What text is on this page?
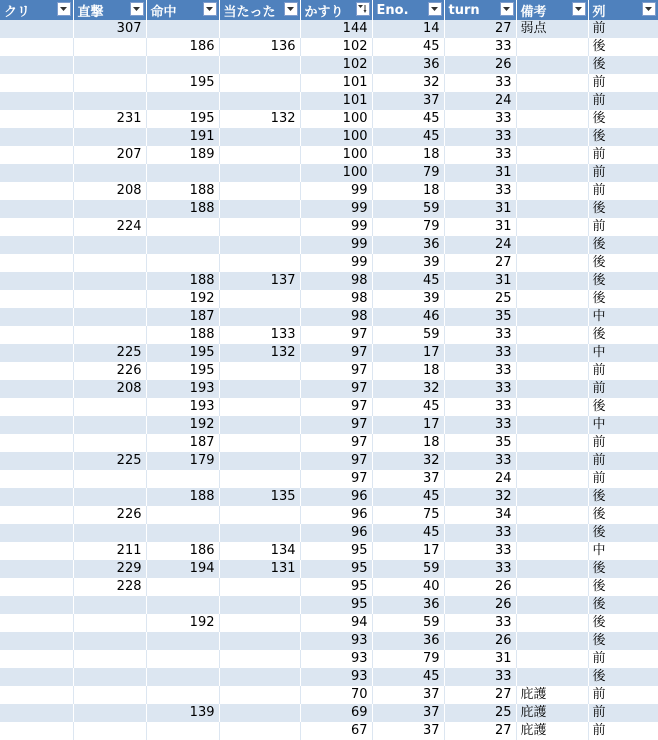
クリ	直撃	命中	当たった	かすり	Eno.	turn	備考	列

	307			144	14	27	弱点	前
		186	136	102	45	33		後
				102	36	26		後
		195		101	32	33		前
				101	37	24		前
	231	195	132	100	45	33		後
		191		100	45	33		後
	207	189		100	18	33		前
				100	79	31		前
	208	188		99	18	33		前
		188		99	59	31		後
	224			99	79	31		前
				99	36	24		後
				99	39	27		後
		188	137	98	45	31		後
		192		98	39	25		後
		187		98	46	35		中
		188	133	97	59	33		後
	225	195	132	97	17	33		中
	226	195		97	18	33		前
	208	193		97	32	33		前
		193		97	45	33		後
		192		97	17	33		中
		187		97	18	35		前
	225	179		97	32	33		前
				97	37	24		前
		188	135	96	45	32		後
	226			96	75	34		後
				96	45	33		後
	211	186	134	95	17	33		中
	229	194	131	95	59	33		後
	228			95	40	26		後
				95	36	26		後
		192		94	59	33		後
				93	36	26		後
				93	79	31		前
				93	45	33		後
				70	37	27	庇護	前
		139		69	37	25	庇護	前
				67	37	27	庇護	前
